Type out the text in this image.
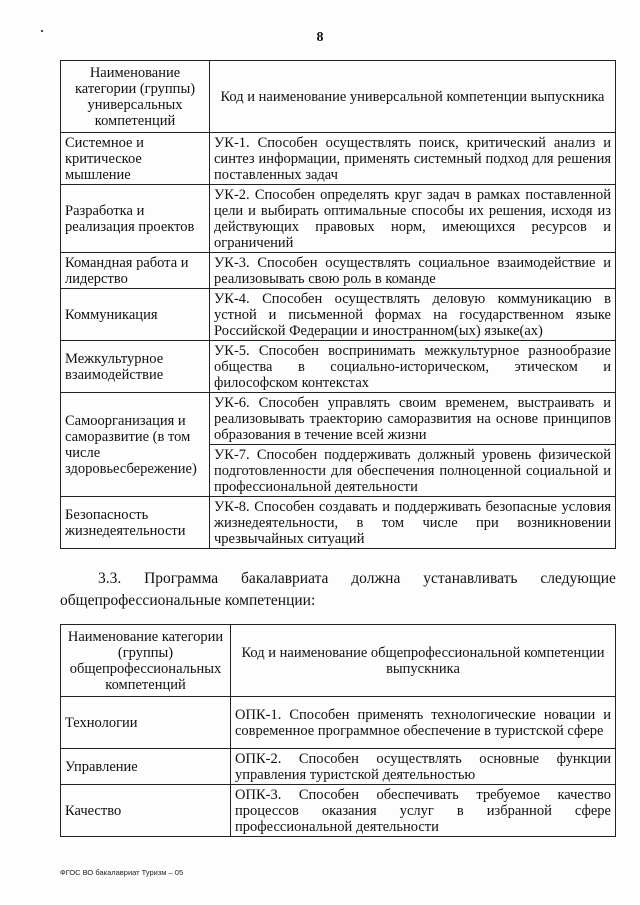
8
Наименование категории (группы) универсальных компетенций	Код и наименование универсальной компетенции выпускника
Системное и критическое мышление	УК-1. Способен осуществлять поиск, критический анализ и синтез информации, применять системный подход для решения поставленных задач
Разработка и реализация проектов	УК-2. Способен определять круг задач в рамках поставленной цели и выбирать оптимальные способы их решения, исходя из действующих правовых норм, имеющихся ресурсов и ограничений
Командная работа и лидерство	УК-3. Способен осуществлять социальное взаимодействие и реализовывать свою роль в команде
Коммуникация	УК-4. Способен осуществлять деловую коммуникацию в устной и письменной формах на государственном языке Российской Федерации и иностранном(ых) языке(ах)
Межкультурное взаимодействие	УК-5. Способен воспринимать межкультурное разнообразие общества в социально-историческом, этическом и философском контекстах
Самоорганизация и саморазвитие (в том числе здоровьесбережение)	УК-6. Способен управлять своим временем, выстраивать и реализовывать траекторию саморазвития на основе принципов образования в течение всей жизни
	УК-7. Способен поддерживать должный уровень физической подготовленности для обеспечения полноценной социальной и профессиональной деятельности
Безопасность жизнедеятельности	УК-8. Способен создавать и поддерживать безопасные условия жизнедеятельности, в том числе при возникновении чрезвычайных ситуаций
3.3. Программа бакалавриата должна устанавливать следующие
общепрофессиональные компетенции:
Наименование категории (группы) общепрофессиональных компетенций	Код и наименование общепрофессиональной компетенции выпускника
Технологии	ОПК-1. Способен применять технологические новации и современное программное обеспечение в туристской сфере
Управление	ОПК-2. Способен осуществлять основные функции управления туристской деятельностью
Качество	ОПК-3. Способен обеспечивать требуемое качество процессов оказания услуг в избранной сфере профессиональной деятельности
ФГОС ВО бакалавриат Туризм – 05
